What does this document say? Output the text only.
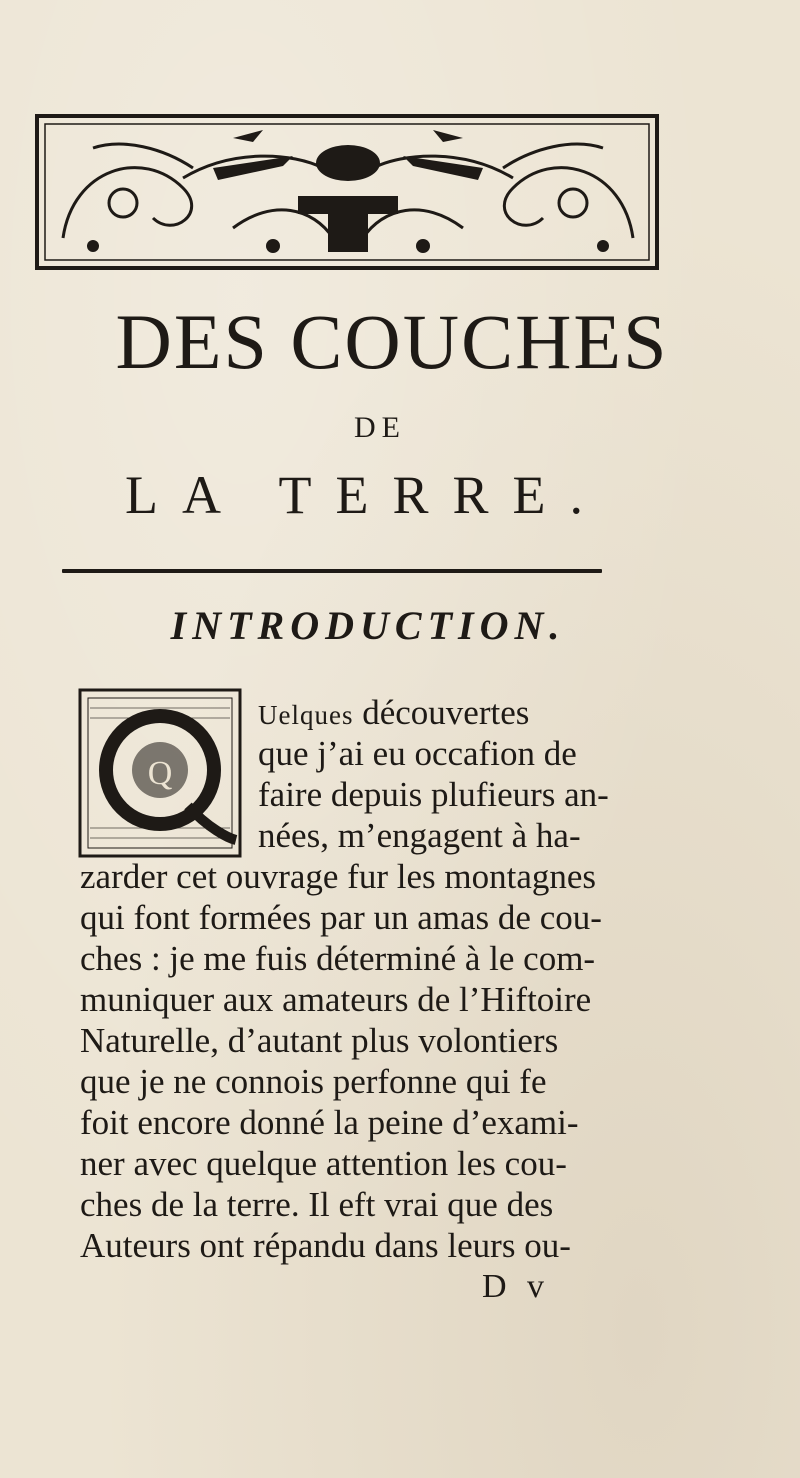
DES COUCHES
DE
LA TERRE.
INTRODUCTION.
Q
Uelques découvertes
que j’ai eu occafion de
faire depuis plufieurs an-
nées, m’engagent à ha-
zarder cet ouvrage fur les montagnes
qui font formées par un amas de cou-
ches : je me fuis déterminé à le com-
muniquer aux amateurs de l’Hiftoire
Naturelle, d’autant plus volontiers
que je ne connois perfonne qui fe
foit encore donné la peine d’exami-
ner avec quelque attention les cou-
ches de la terre. Il eft vrai que des
Auteurs ont répandu dans leurs ou-
D v
